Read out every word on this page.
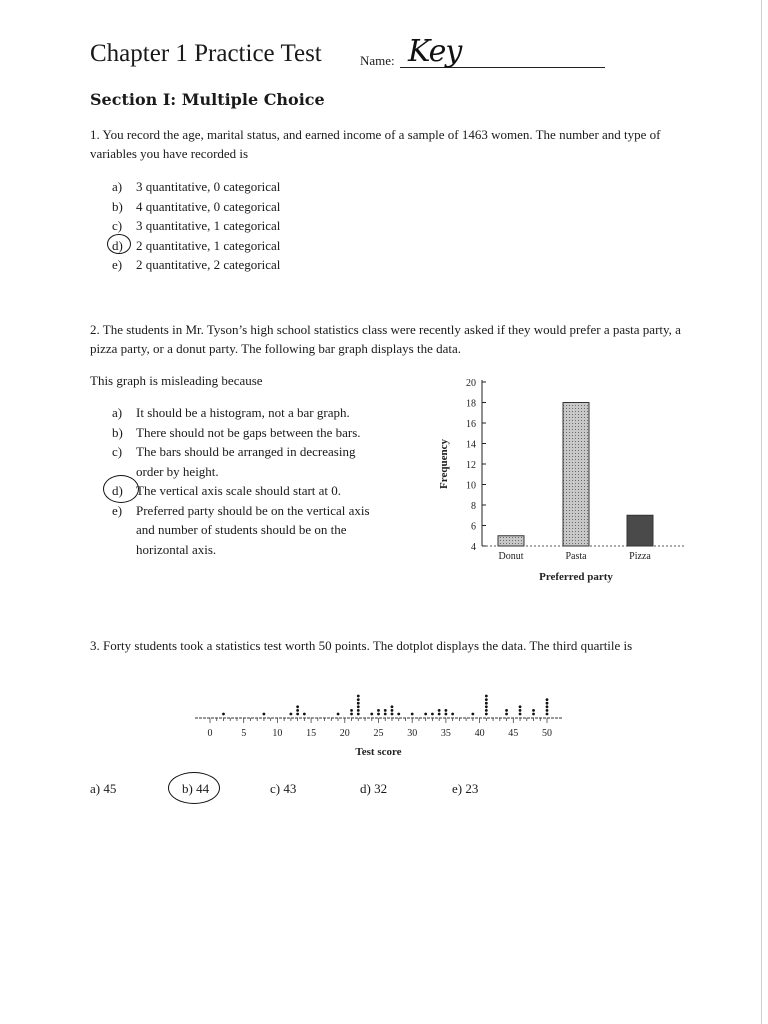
Chapter 1 Practice Test	Name: Key
Section I: Multiple Choice
1. You record the age, marital status, and earned income of a sample of 1463 women. The number and type of variables you have recorded is
a) 3 quantitative, 0 categorical
b) 4 quantitative, 0 categorical
c) 3 quantitative, 1 categorical
d) 2 quantitative, 1 categorical
e) 2 quantitative, 2 categorical
2. The students in Mr. Tyson’s high school statistics class were recently asked if they would prefer a pasta party, a pizza party, or a donut party. The following bar graph displays the data.
This graph is misleading because
a) It should be a histogram, not a bar graph.
b) There should not be gaps between the bars.
c) The bars should be arranged in decreasing order by height.
d) The vertical axis scale should start at 0.
e) Preferred party should be on the vertical axis and number of students should be on the horizontal axis.	4
6
8
10
12
14
16
18
20
Donut	Pasta	Pizza
Preferred party
Frequency
3. Forty students took a statistics test worth 50 points. The dotplot displays the data. The third quartile is
0	5	10 15 20 25 30 35 40 45 50
Test score
a) 45	b) 44	c) 43	d) 32	e) 23
